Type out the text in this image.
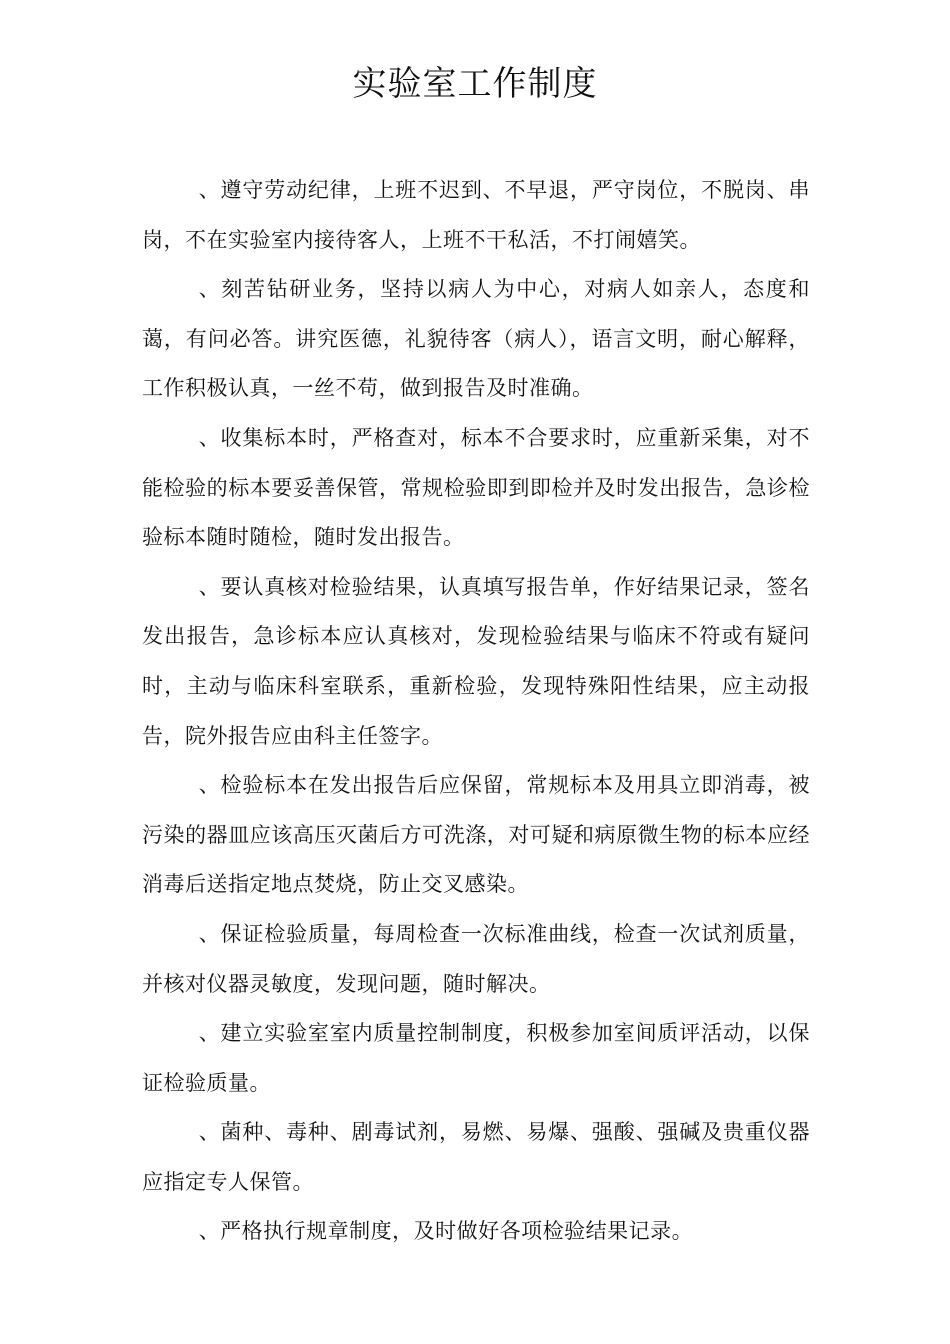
实验室工作制度

、遵守劳动纪律，上班不迟到、不早退，严守岗位，不脱岗、串岗，不在实验室内接待客人，上班不干私活，不打闹嬉笑。

、刻苦钻研业务，坚持以病人为中心，对病人如亲人，态度和蔼，有问必答。讲究医德，礼貌待客（病人），语言文明，耐心解释，工作积极认真，一丝不苟，做到报告及时准确。

、收集标本时，严格查对，标本不合要求时，应重新采集，对不能检验的标本要妥善保管，常规检验即到即检并及时发出报告，急诊检验标本随时随检，随时发出报告。

、要认真核对检验结果，认真填写报告单，作好结果记录，签名发出报告，急诊标本应认真核对，发现检验结果与临床不符或有疑问时，主动与临床科室联系，重新检验，发现特殊阳性结果，应主动报告，院外报告应由科主任签字。

、检验标本在发出报告后应保留，常规标本及用具立即消毒，被污染的器皿应该高压灭菌后方可洗涤，对可疑和病原微生物的标本应经消毒后送指定地点焚烧，防止交叉感染。

、保证检验质量，每周检查一次标准曲线，检查一次试剂质量，并核对仪器灵敏度，发现问题，随时解决。

、建立实验室室内质量控制制度，积极参加室间质评活动，以保证检验质量。

、菌种、毒种、剧毒试剂，易燃、易爆、强酸、强碱及贵重仪器应指定专人保管。

、严格执行规章制度，及时做好各项检验结果记录。
